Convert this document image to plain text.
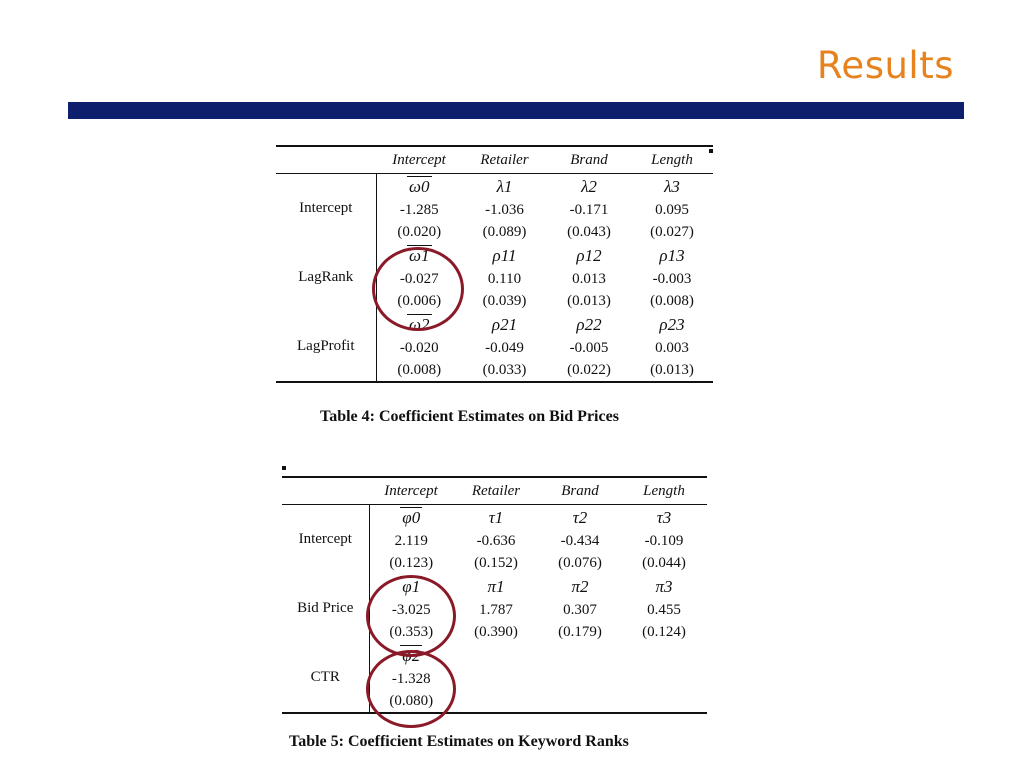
Results
	Intercept	Retailer	Brand	Length
Intercept	ω0	λ1	λ2	λ3
	-1.285	-1.036	-0.171	0.095
	(0.020)	(0.089)	(0.043)	(0.027)
LagRank	ω1	ρ11	ρ12	ρ13
	-0.027	0.110	0.013	-0.003
	(0.006)	(0.039)	(0.013)	(0.008)
LagProfit	ω2	ρ21	ρ22	ρ23
	-0.020	-0.049	-0.005	0.003
	(0.008)	(0.033)	(0.022)	(0.013)
Table 4: Coefficient Estimates on Bid Prices
	Intercept	Retailer	Brand	Length
Intercept	φ0	τ1	τ2	τ3
	2.119	-0.636	-0.434	-0.109
	(0.123)	(0.152)	(0.076)	(0.044)
Bid Price	φ1	π1	π2	π3
	-3.025	1.787	0.307	0.455
	(0.353)	(0.390)	(0.179)	(0.124)
CTR	φ2			
	-1.328			
	(0.080)			
Table 5: Coefficient Estimates on Keyword Ranks
